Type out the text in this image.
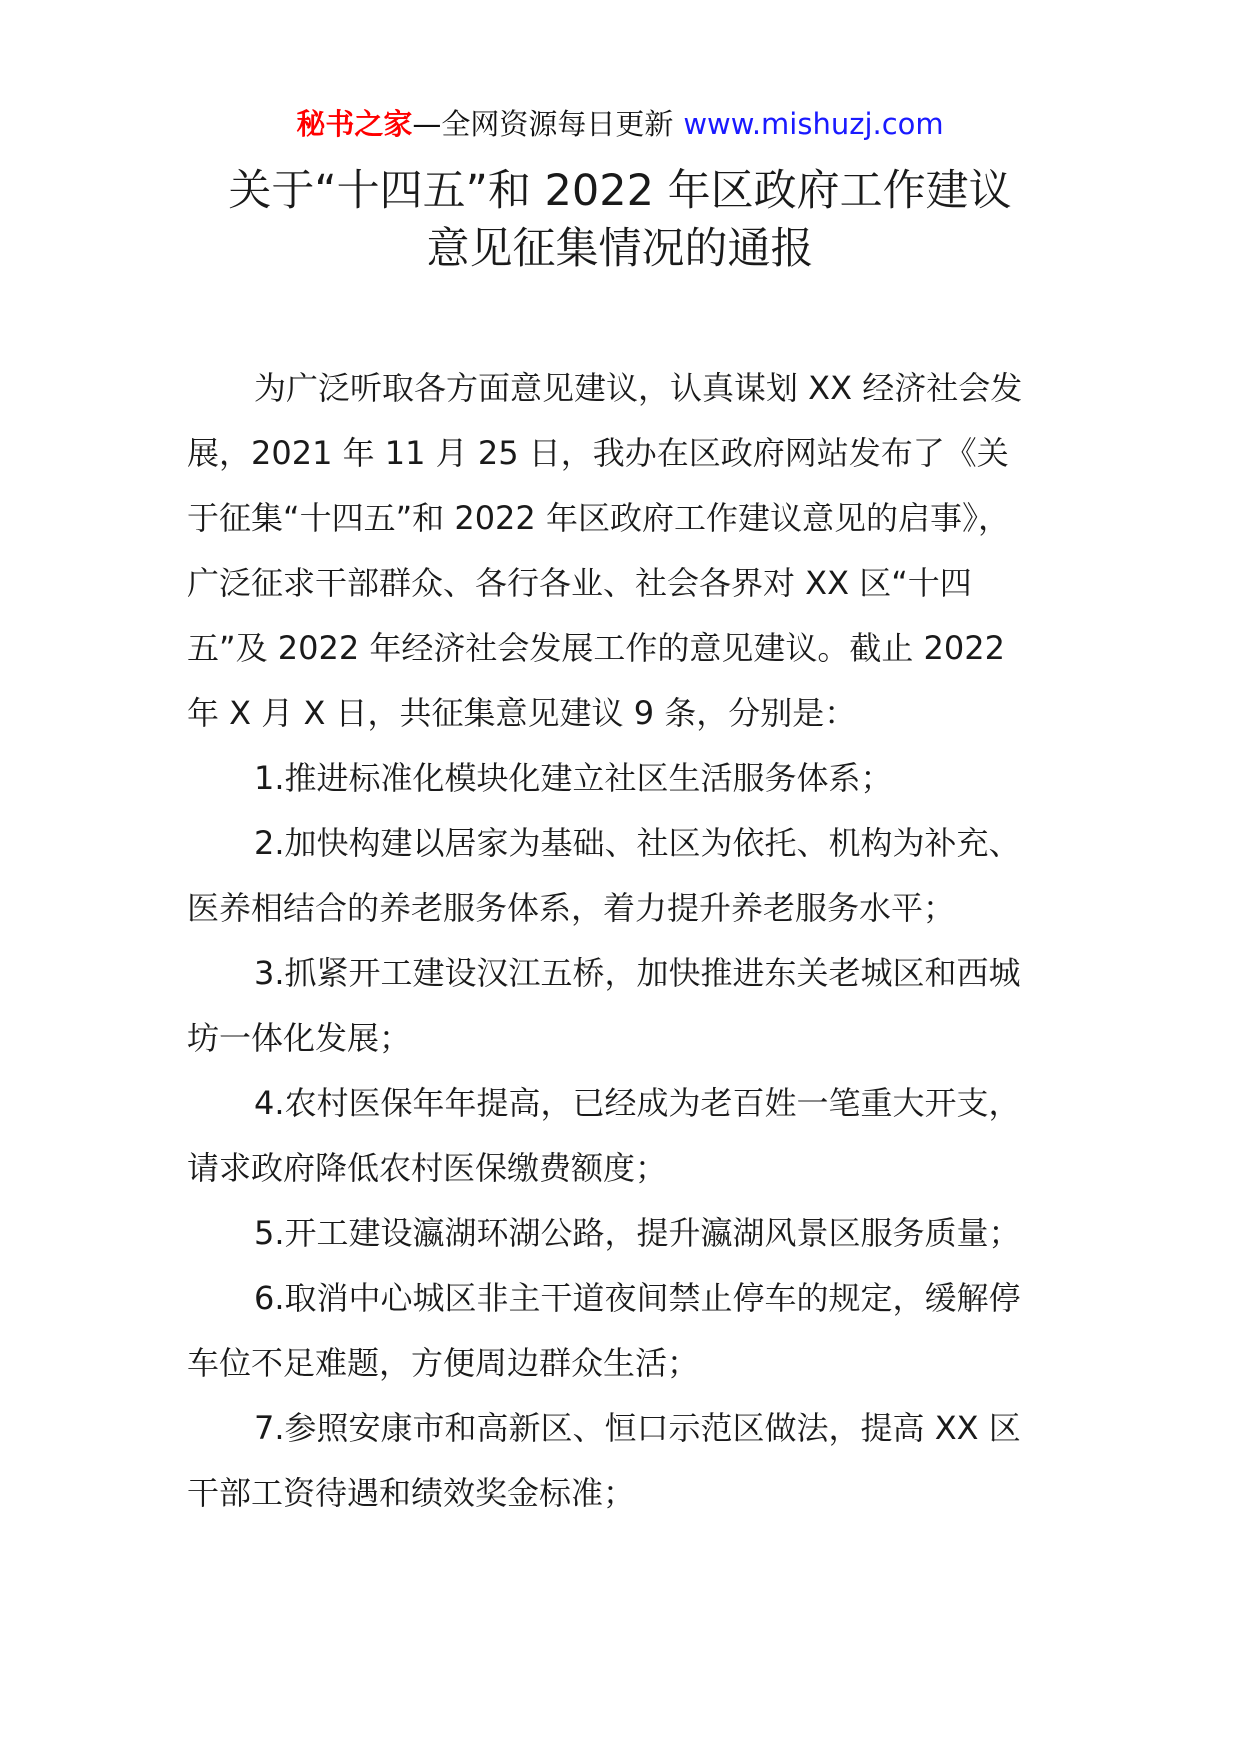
秘书之家—全网资源每日更新 www.mishuzj.com
关于“十四五”和 2022 年区政府工作建议
意见征集情况的通报
为广泛听取各方面意见建议，认真谋划 XX 经济社会发
展，2021 年 11 月 25 日，我办在区政府网站发布了《关
于征集“十四五”和 2022 年区政府工作建议意见的启事》，
广泛征求干部群众、各行各业、社会各界对 XX 区“十四
五”及 2022 年经济社会发展工作的意见建议。截止 2022
年 X 月 X 日，共征集意见建议 9 条，分别是：
1.推进标准化模块化建立社区生活服务体系；
2.加快构建以居家为基础、社区为依托、机构为补充、
医养相结合的养老服务体系，着力提升养老服务水平；
3.抓紧开工建设汉江五桥，加快推进东关老城区和西城
坊一体化发展；
4.农村医保年年提高，已经成为老百姓一笔重大开支，
请求政府降低农村医保缴费额度；
5.开工建设瀛湖环湖公路，提升瀛湖风景区服务质量；
6.取消中心城区非主干道夜间禁止停车的规定，缓解停
车位不足难题，方便周边群众生活；
7.参照安康市和高新区、恒口示范区做法，提高 XX 区
干部工资待遇和绩效奖金标准；
